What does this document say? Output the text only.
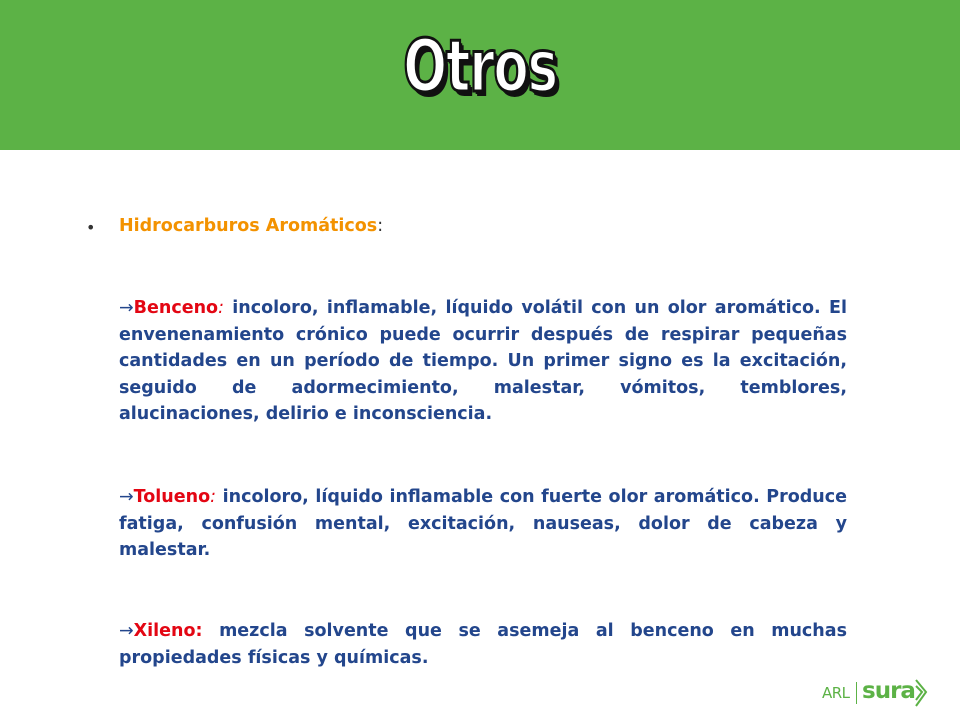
Otros
• Hidrocarburos Aromáticos:
→Benceno: incoloro, inflamable, líquido volátil con un olor aromático. El envenenamiento crónico puede ocurrir después de respirar pequeñas cantidades en un período de tiempo. Un primer signo es la excitación, seguido de adormecimiento, malestar, vómitos, temblores, alucinaciones, delirio e inconsciencia.
→Tolueno: incoloro, líquido inflamable con fuerte olor aromático. Produce fatiga, confusión mental, excitación, nauseas, dolor de cabeza y malestar.
→Xileno: mezcla solvente que se asemeja al benceno en muchas propiedades físicas y químicas.
ARL sura
